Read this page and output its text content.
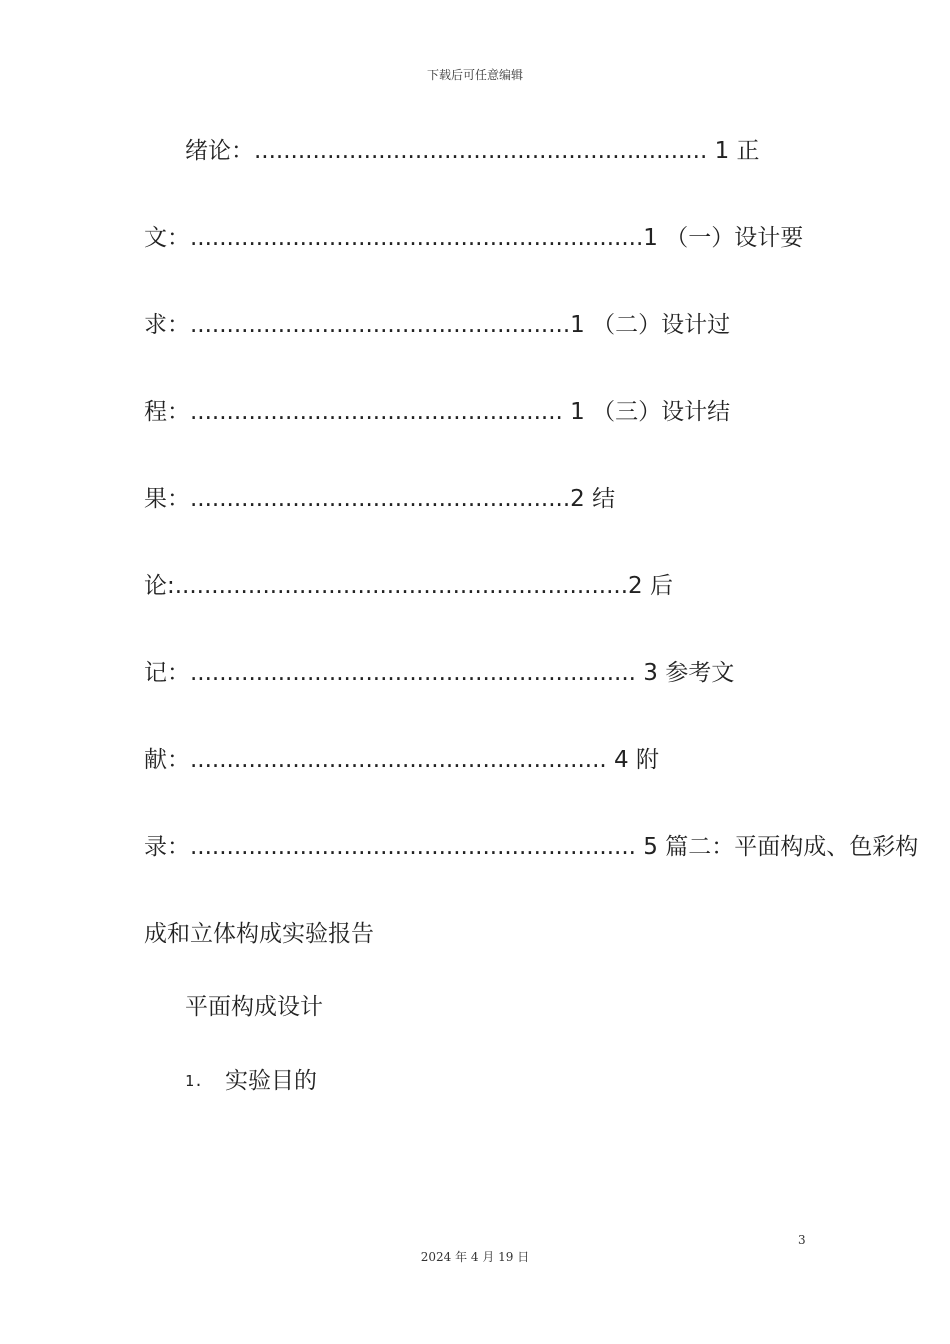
下载后可任意编辑
绪论：.............................................................. 1 正
文：..............................................................1 （一）设计要
求：....................................................1 （二）设计过
程：................................................... 1 （三）设计结
果：....................................................2 结
论:..............................................................2 后
记：............................................................. 3 参考文
献：......................................................... 4 附
录：............................................................. 5 篇二：平面构成、色彩构
成和立体构成实验报告
平面构成设计
1. 实验目的
3
2024 年 4 月 19 日
